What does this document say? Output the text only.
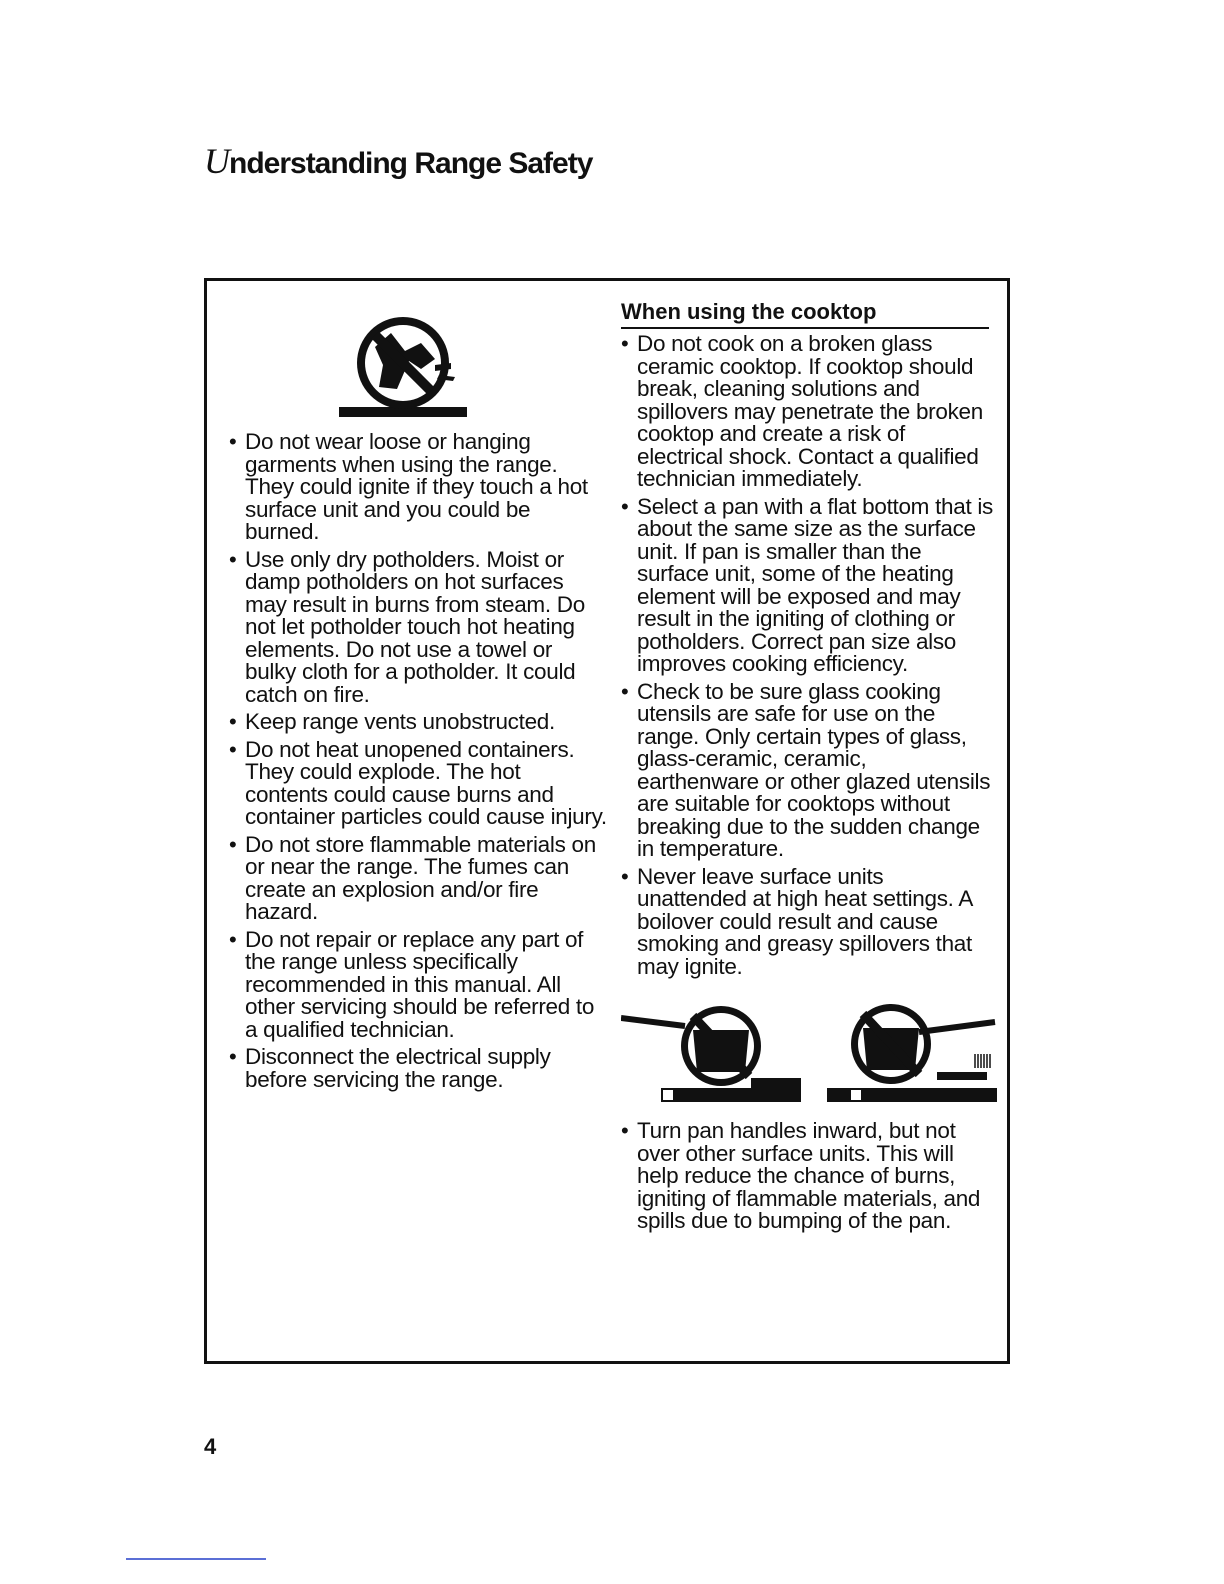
Understanding Range Safety
• Do not wear loose or hanging garments when using the range. They could ignite if they touch a hot surface unit and you could be burned.
• Use only dry potholders. Moist or damp potholders on hot surfaces may result in burns from steam. Do not let potholder touch hot heating elements. Do not use a towel or bulky cloth for a potholder. It could catch on fire.
• Keep range vents unobstructed.
• Do not heat unopened containers. They could explode. The hot contents could cause burns and container particles could cause injury.
• Do not store flammable materials on or near the range. The fumes can create an explosion and/or fire hazard.
• Do not repair or replace any part of the range unless specifically recommended in this manual. All other servicing should be referred to a qualified technician.
• Disconnect the electrical supply before servicing the range.
When using the cooktop
• Do not cook on a broken glass ceramic cooktop. If cooktop should break, cleaning solutions and spillovers may penetrate the broken cooktop and create a risk of electrical shock. Contact a qualified technician immediately.
• Select a pan with a flat bottom that is about the same size as the surface unit. If pan is smaller than the surface unit, some of the heating element will be exposed and may result in the igniting of clothing or potholders. Correct pan size also improves cooking efficiency.
• Check to be sure glass cooking utensils are safe for use on the range. Only certain types of glass, glass-ceramic, ceramic, earthenware or other glazed utensils are suitable for cooktops without breaking due to the sudden change in temperature.
• Never leave surface units unattended at high heat settings. A boilover could result and cause smoking and greasy spillovers that may ignite.
• Turn pan handles inward, but not over other surface units. This will help reduce the chance of burns, igniting of flammable materials, and spills due to bumping of the pan.
4
